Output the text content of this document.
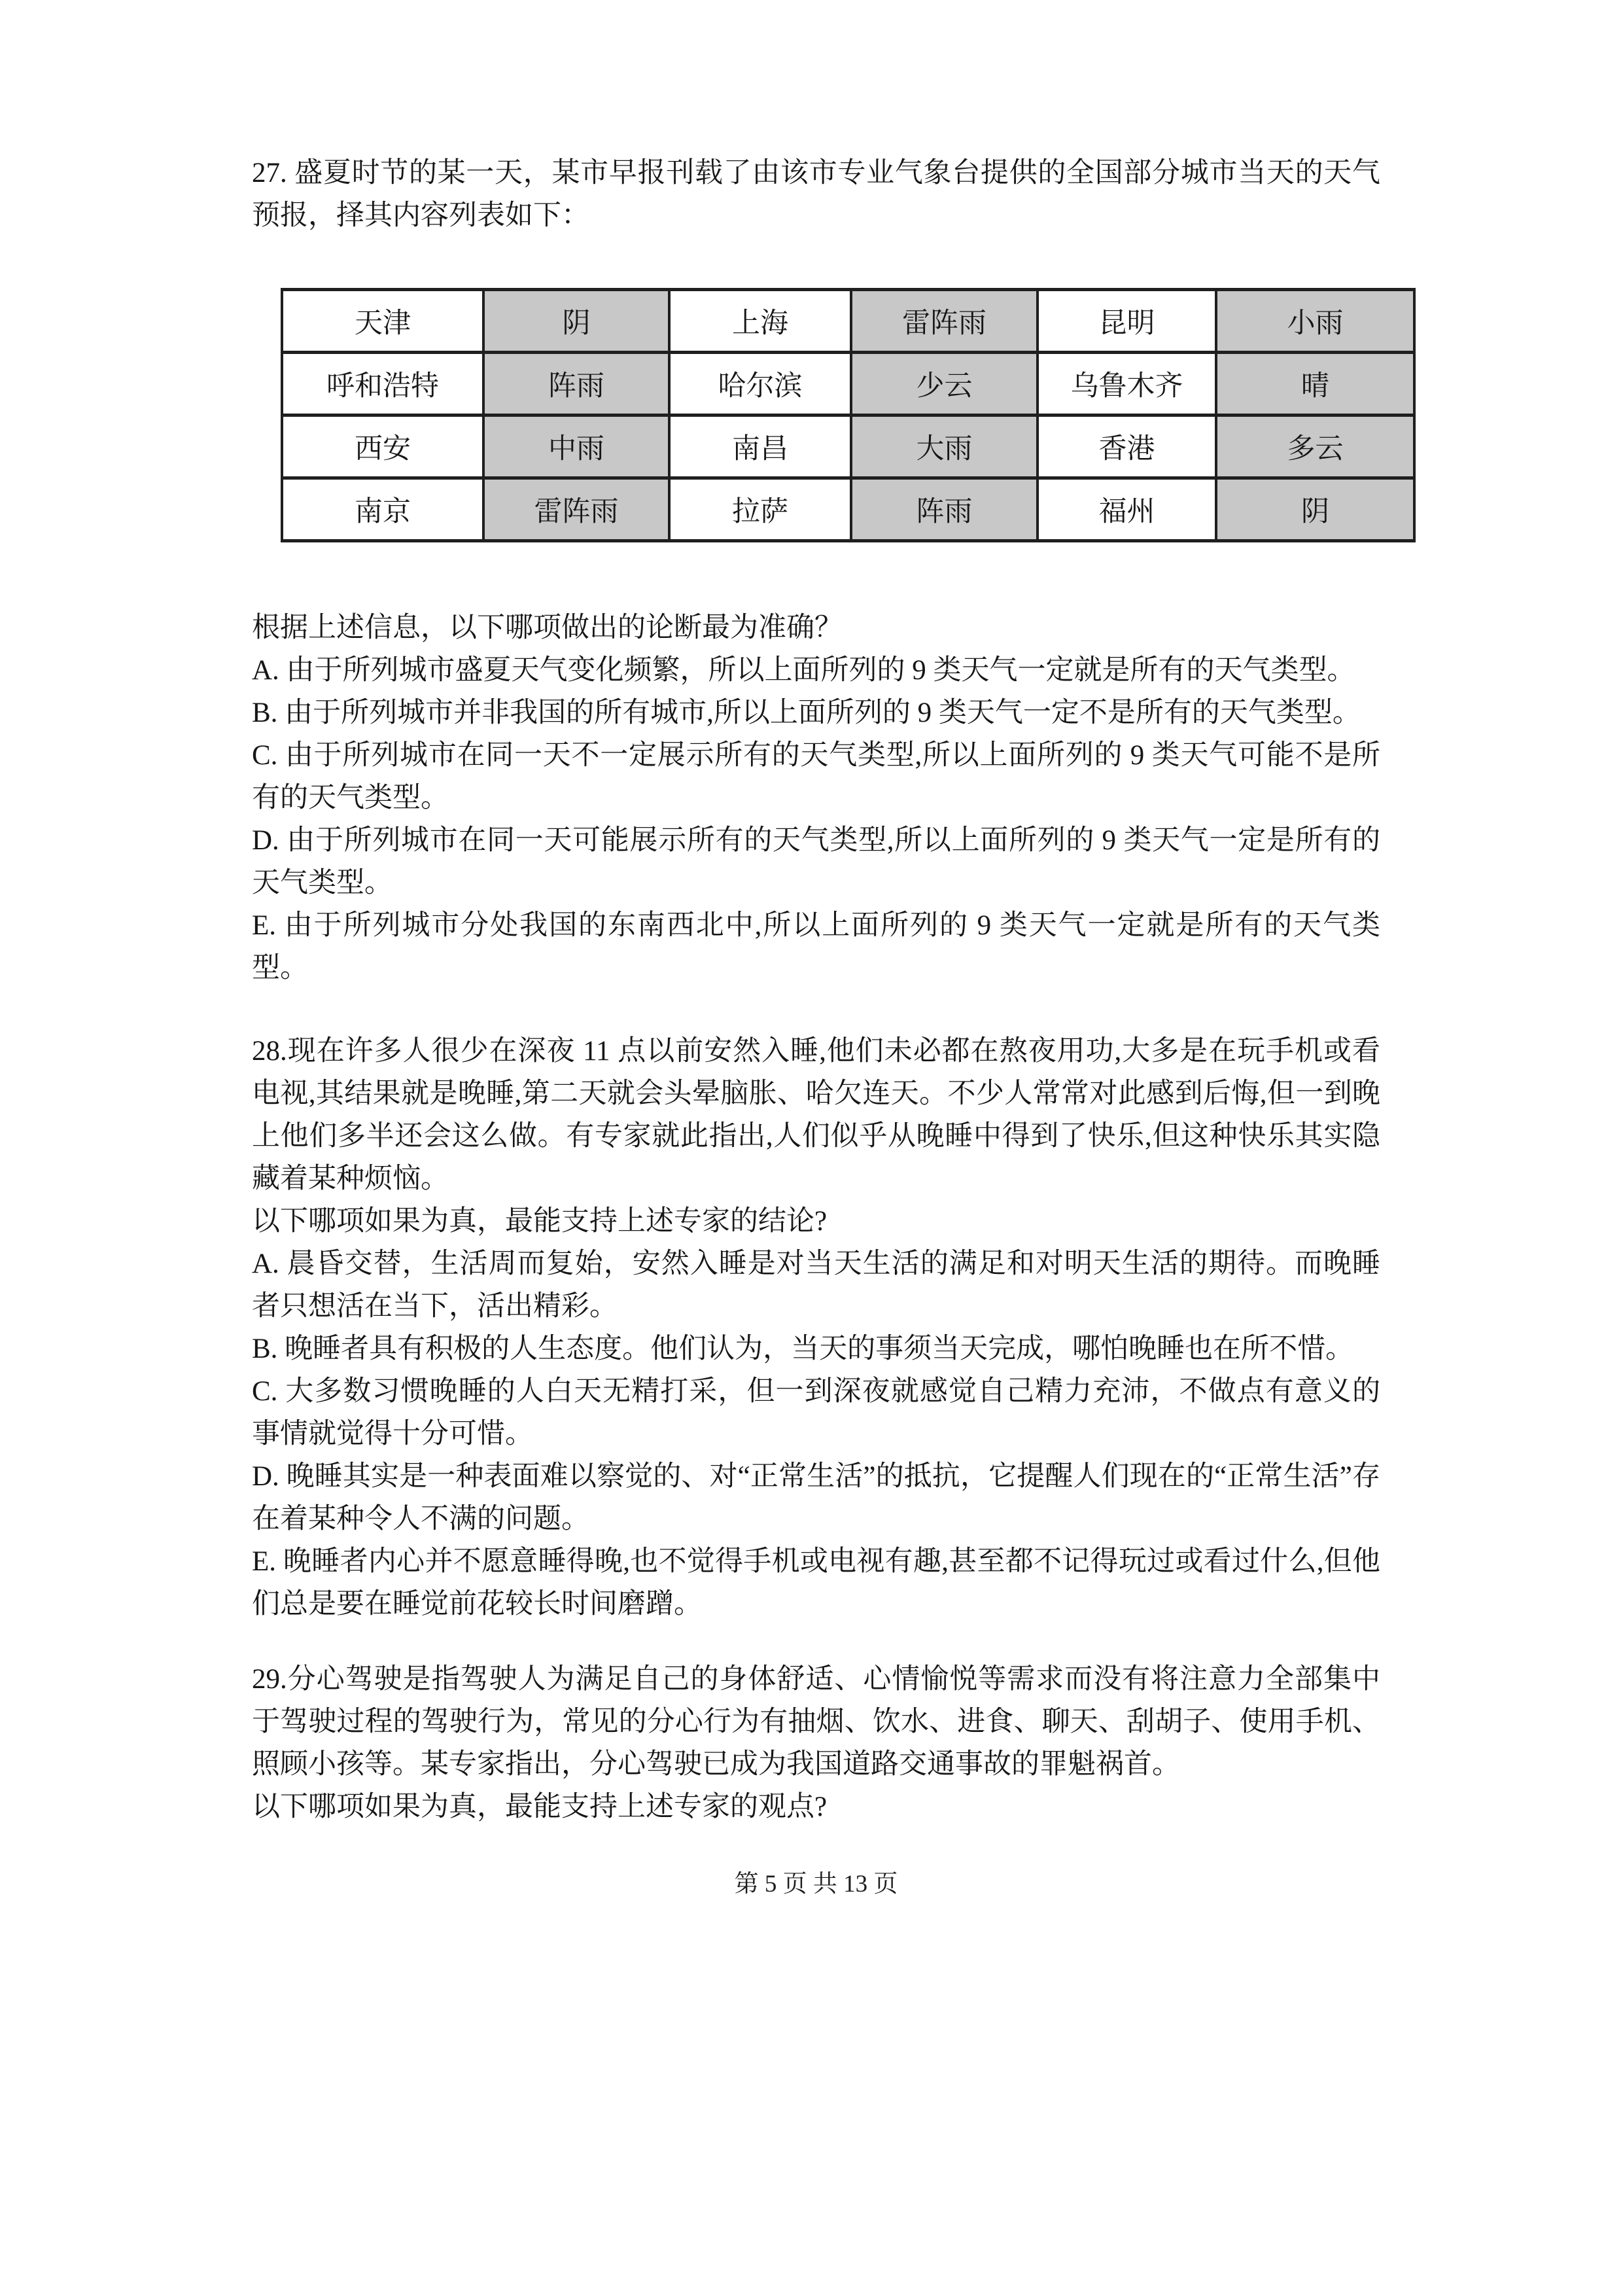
27. 盛夏时节的某一天，某市早报刊载了由该市专业气象台提供的全国部分城市当天的天气预报，择其内容列表如下：

天津	阴	上海	雷阵雨	昆明	小雨
呼和浩特	阵雨	哈尔滨	少云	乌鲁木齐	晴
西安	中雨	南昌	大雨	香港	多云
南京	雷阵雨	拉萨	阵雨	福州	阴

根据上述信息，以下哪项做出的论断最为准确？

A. 由于所列城市盛夏天气变化频繁，所以上面所列的 9 类天气一定就是所有的天气类型。

B. 由于所列城市并非我国的所有城市,所以上面所列的 9 类天气一定不是所有的天气类型。

C. 由于所列城市在同一天不一定展示所有的天气类型,所以上面所列的 9 类天气可能不是所有的天气类型。

D. 由于所列城市在同一天可能展示所有的天气类型,所以上面所列的 9 类天气一定是所有的天气类型。

E. 由于所列城市分处我国的东南西北中,所以上面所列的 9 类天气一定就是所有的天气类型。

28.现在许多人很少在深夜 11 点以前安然入睡,他们未必都在熬夜用功,大多是在玩手机或看电视,其结果就是晚睡,第二天就会头晕脑胀、哈欠连天。不少人常常对此感到后悔,但一到晚上他们多半还会这么做。有专家就此指出,人们似乎从晚睡中得到了快乐,但这种快乐其实隐藏着某种烦恼。

以下哪项如果为真，最能支持上述专家的结论?

A. 晨昏交替，生活周而复始，安然入睡是对当天生活的满足和对明天生活的期待。而晚睡者只想活在当下，活出精彩。

B. 晚睡者具有积极的人生态度。他们认为，当天的事须当天完成，哪怕晚睡也在所不惜。

C. 大多数习惯晚睡的人白天无精打采，但一到深夜就感觉自己精力充沛，不做点有意义的事情就觉得十分可惜。

D. 晚睡其实是一种表面难以察觉的、对“正常生活”的抵抗，它提醒人们现在的“正常生活”存在着某种令人不满的问题。

E. 晚睡者内心并不愿意睡得晚,也不觉得手机或电视有趣,甚至都不记得玩过或看过什么,但他们总是要在睡觉前花较长时间磨蹭。

29.分心驾驶是指驾驶人为满足自己的身体舒适、心情愉悦等需求而没有将注意力全部集中于驾驶过程的驾驶行为，常见的分心行为有抽烟、饮水、进食、聊天、刮胡子、使用手机、照顾小孩等。某专家指出，分心驾驶已成为我国道路交通事故的罪魁祸首。

以下哪项如果为真，最能支持上述专家的观点?

第 5 页 共 13 页
